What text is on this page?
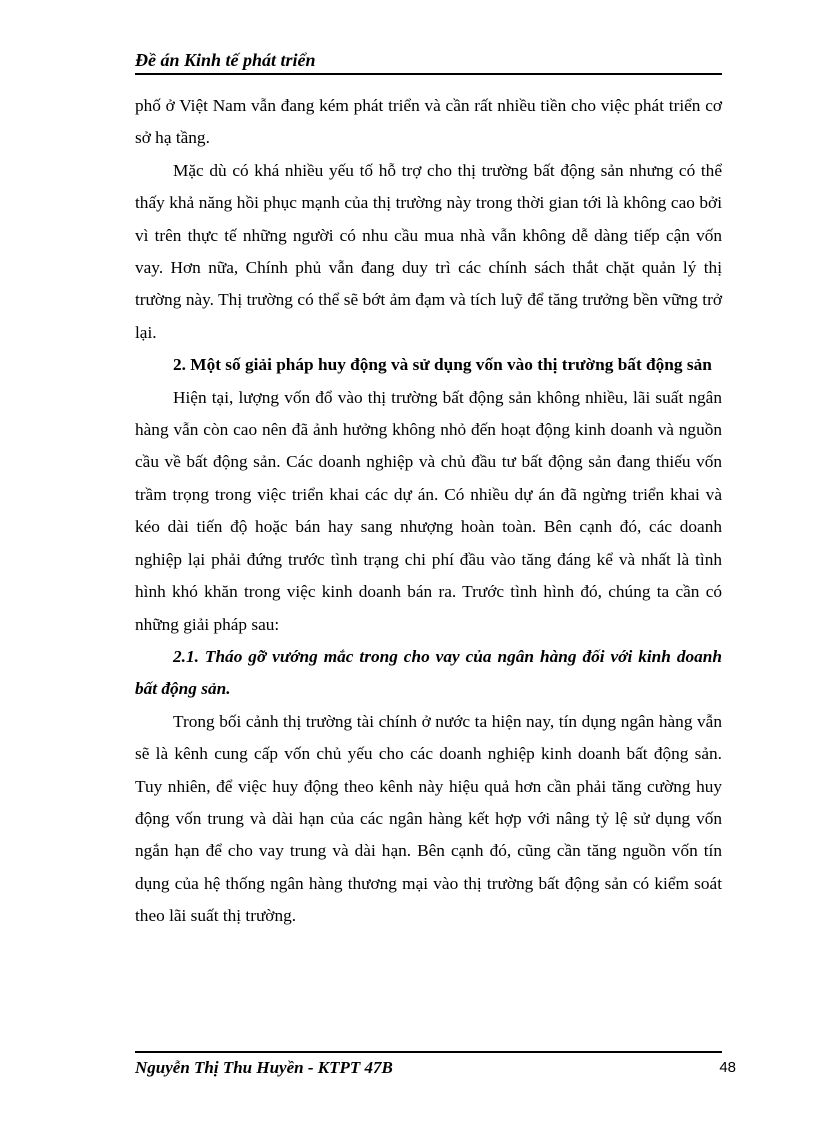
Đề án Kinh tế phát triển

phố ở Việt Nam vẫn đang kém phát triển và cần rất nhiều tiền cho việc phát triển cơ sở hạ tầng.

Mặc dù có khá nhiều yếu tố hỗ trợ cho thị trường bất động sản nhưng có thể thấy khả năng hồi phục mạnh của thị trường này trong thời gian tới là không cao bởi vì trên thực tế những người có nhu cầu mua nhà vẫn không dễ dàng tiếp cận vốn vay. Hơn nữa, Chính phủ vẫn đang duy trì các chính sách thắt chặt quản lý thị trường này. Thị trường có thể sẽ bớt ảm đạm và tích luỹ để tăng trưởng bền vững trở lại.

2. Một số giải pháp huy động và sử dụng vốn vào thị trường bất động sản

Hiện tại, lượng vốn đổ vào thị trường bất động sản không nhiều, lãi suất ngân hàng vẫn còn cao nên đã ảnh hưởng không nhỏ đến hoạt động kinh doanh và nguồn cầu về bất động sản. Các doanh nghiệp và chủ đầu tư bất động sản đang thiếu vốn trầm trọng trong việc triển khai các dự án. Có nhiều dự án đã ngừng triển khai và kéo dài tiến độ hoặc bán hay sang nhượng hoàn toàn. Bên cạnh đó, các doanh nghiệp lại phải đứng trước tình trạng chi phí đầu vào tăng đáng kể và nhất là tình hình khó khăn trong việc kinh doanh bán ra. Trước tình hình đó, chúng ta cần có những giải pháp sau:

2.1. Tháo gỡ vướng mắc trong cho vay của ngân hàng đối với kinh doanh bất động sản.

Trong bối cảnh thị trường tài chính ở nước ta hiện nay, tín dụng ngân hàng vẫn sẽ là kênh cung cấp vốn chủ yếu cho các doanh nghiệp kinh doanh bất động sản. Tuy nhiên, để việc huy động theo kênh này hiệu quả hơn cần phải tăng cường huy động vốn trung và dài hạn của các ngân hàng kết hợp với nâng tỷ lệ sử dụng vốn ngắn hạn để cho vay trung và dài hạn. Bên cạnh đó, cũng cần tăng nguồn vốn tín dụng của hệ thống ngân hàng thương mại vào thị trường bất động sản có kiểm soát theo lãi suất thị trường.

Nguyễn Thị Thu Huyền - KTPT 47B	48
